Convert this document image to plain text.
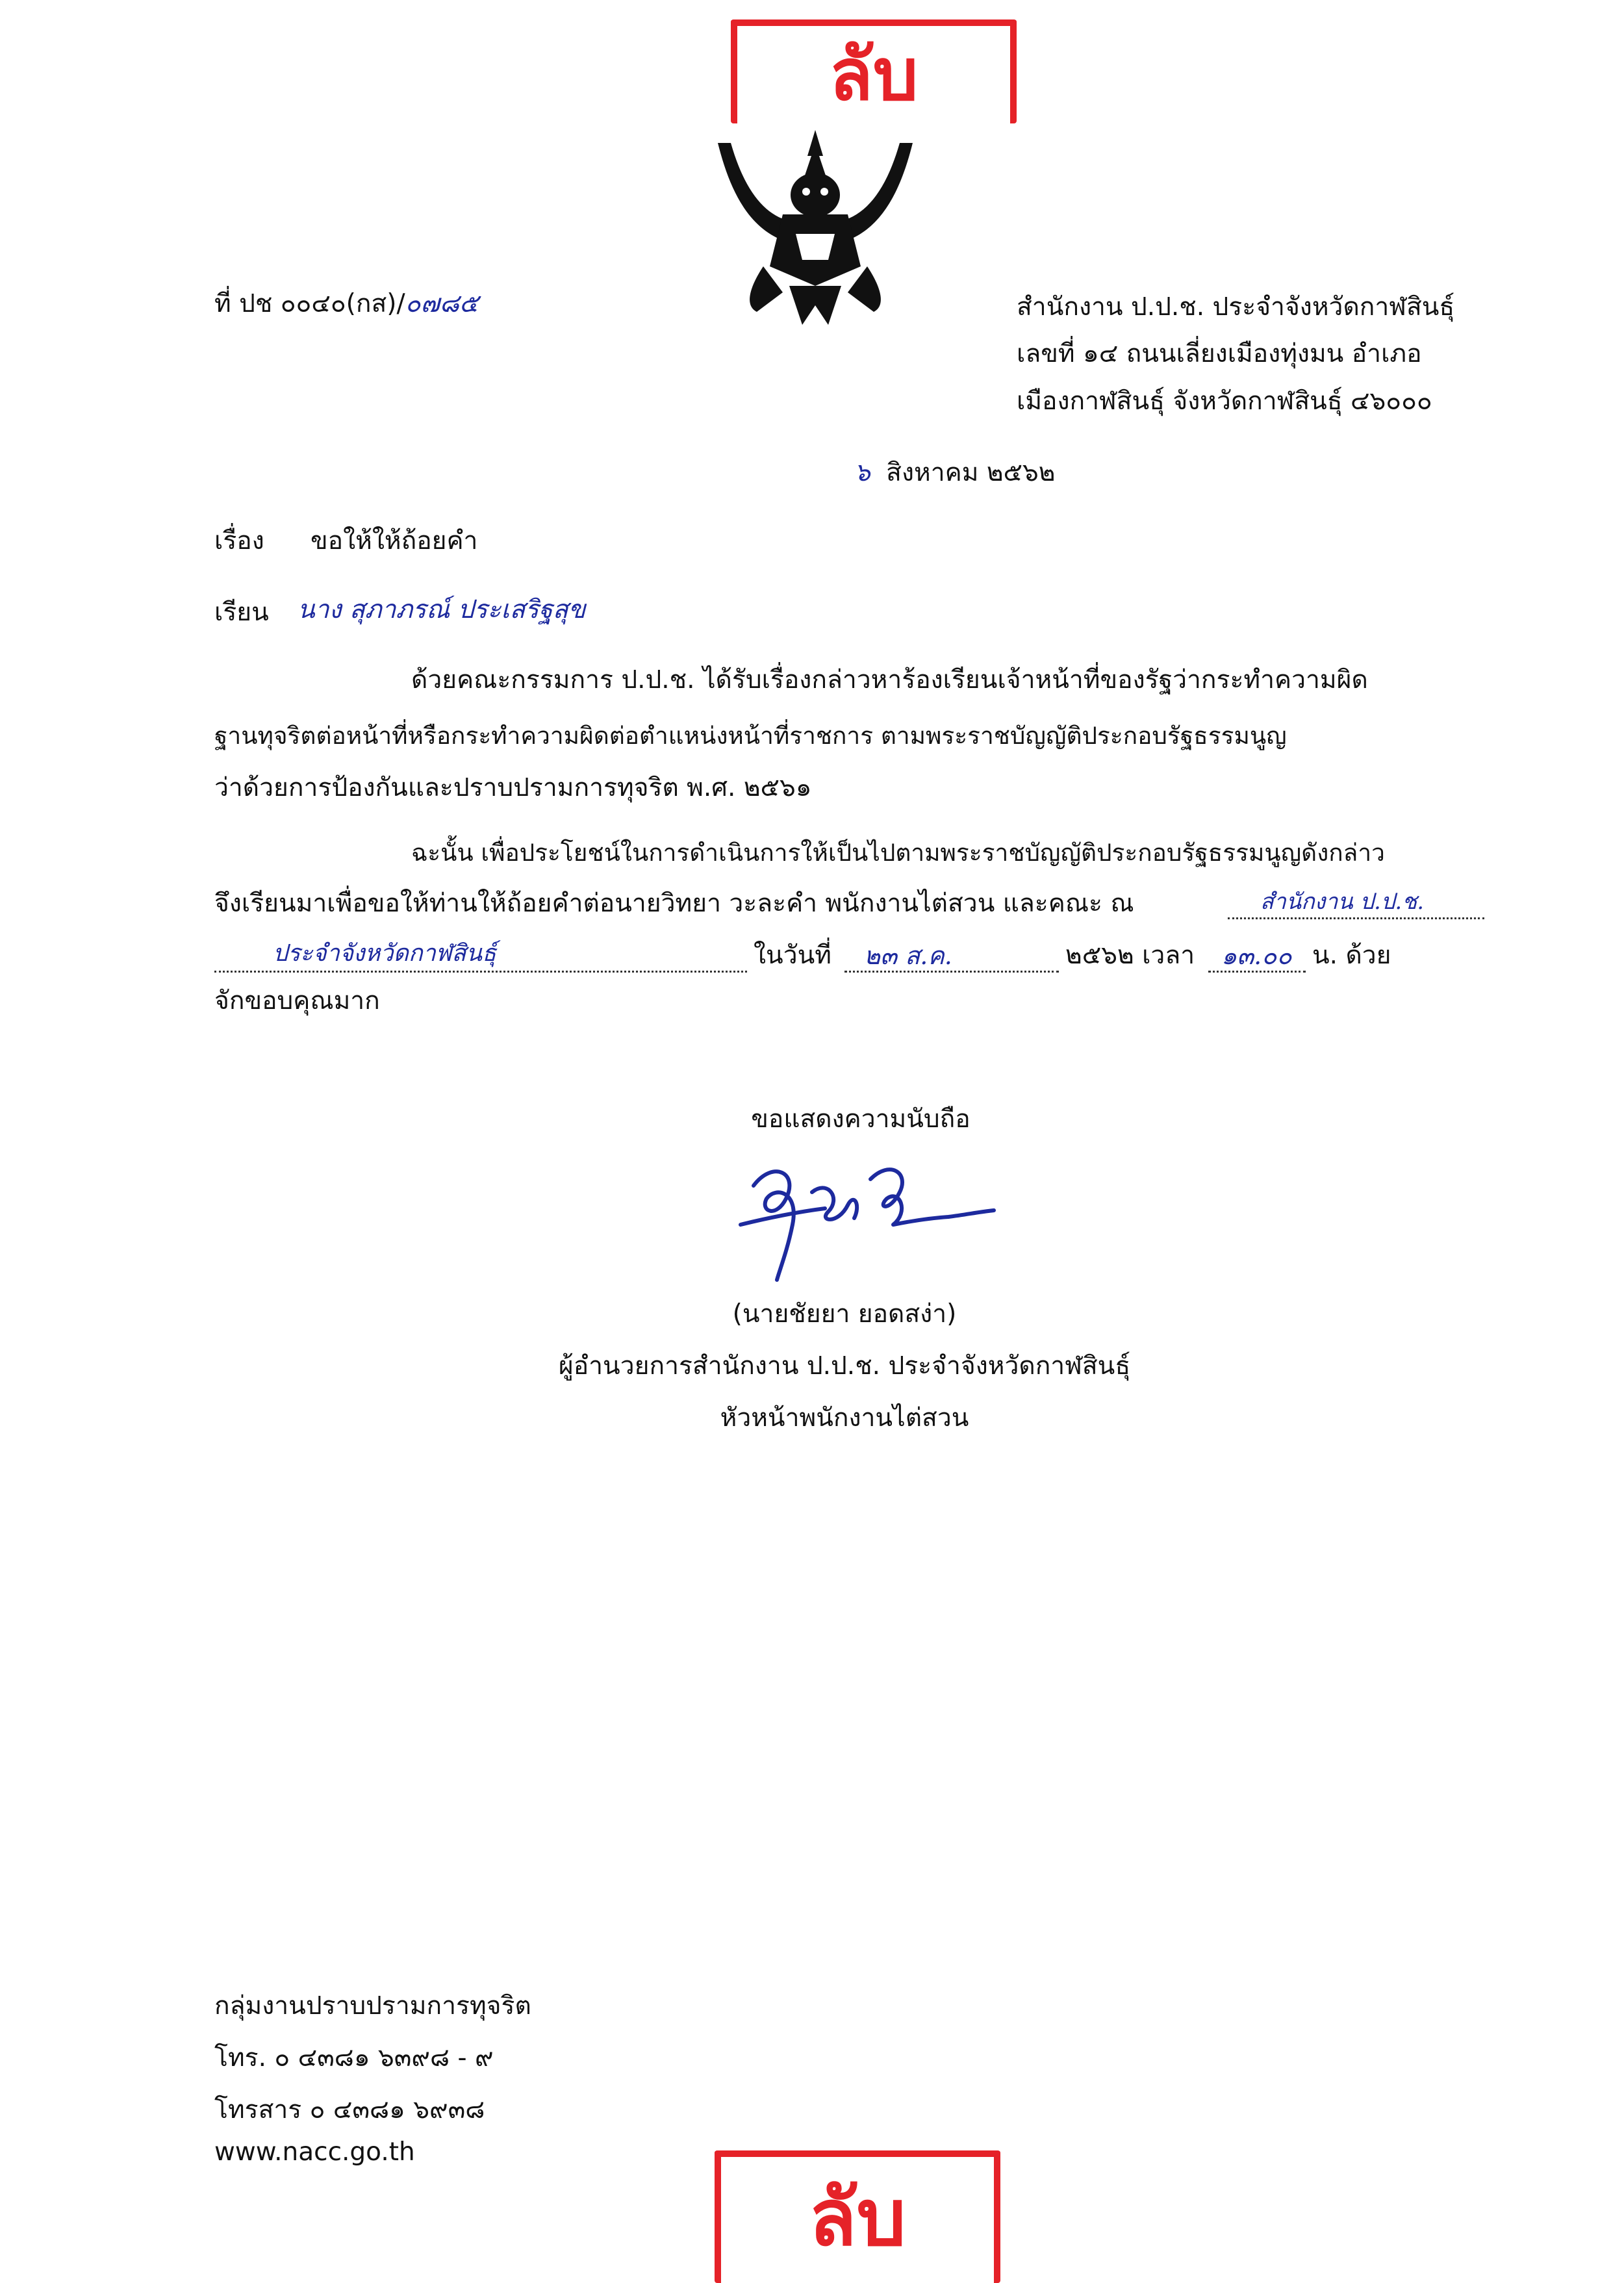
ลับ
ที่ ปช ๐๐๔๐(กส)/๐๗๘๕	สำนักงาน ป.ป.ช. ประจำจังหวัดกาฬสินธุ์
เลขที่ ๑๔ ถนนเลี่ยงเมืองทุ่งมน อำเภอ
เมืองกาฬสินธุ์ จังหวัดกาฬสินธุ์ ๔๖๐๐๐
๖ สิงหาคม ๒๕๖๒
เรื่อง ขอให้ให้ถ้อยคำ
เรียน นาง สุภาภรณ์ ประเสริฐสุข
ด้วยคณะกรรมการ ป.ป.ช. ได้รับเรื่องกล่าวหาร้องเรียนเจ้าหน้าที่ของรัฐว่ากระทำความผิด
ฐานทุจริตต่อหน้าที่หรือกระทำความผิดต่อตำแหน่งหน้าที่ราชการ ตามพระราชบัญญัติประกอบรัฐธรรมนูญ
ว่าด้วยการป้องกันและปราบปรามการทุจริต พ.ศ. ๒๕๖๑
ฉะนั้น เพื่อประโยชน์ในการดำเนินการให้เป็นไปตามพระราชบัญญัติประกอบรัฐธรรมนูญดังกล่าว
จึงเรียนมาเพื่อขอให้ท่านให้ถ้อยคำต่อนายวิทยา วะละคำ พนักงานไต่สวน และคณะ ณ	สำนักงาน ป.ป.ช.
ประจำจังหวัดกาฬสินธุ์	ในวันที่ ๒๓ ส.ค.	๒๕๖๒ เวลา ๑๓.๐๐ น. ด้วย
จักขอบคุณมาก
ขอแสดงความนับถือ
(นายชัยยา ยอดสง่า)
ผู้อำนวยการสำนักงาน ป.ป.ช. ประจำจังหวัดกาฬสินธุ์
หัวหน้าพนักงานไต่สวน
กลุ่มงานปราบปรามการทุจริต
โทร. ๐ ๔๓๘๑ ๖๓๙๘ - ๙
โทรสาร ๐ ๔๓๘๑ ๖๙๓๘
www.nacc.go.th
ลับ
